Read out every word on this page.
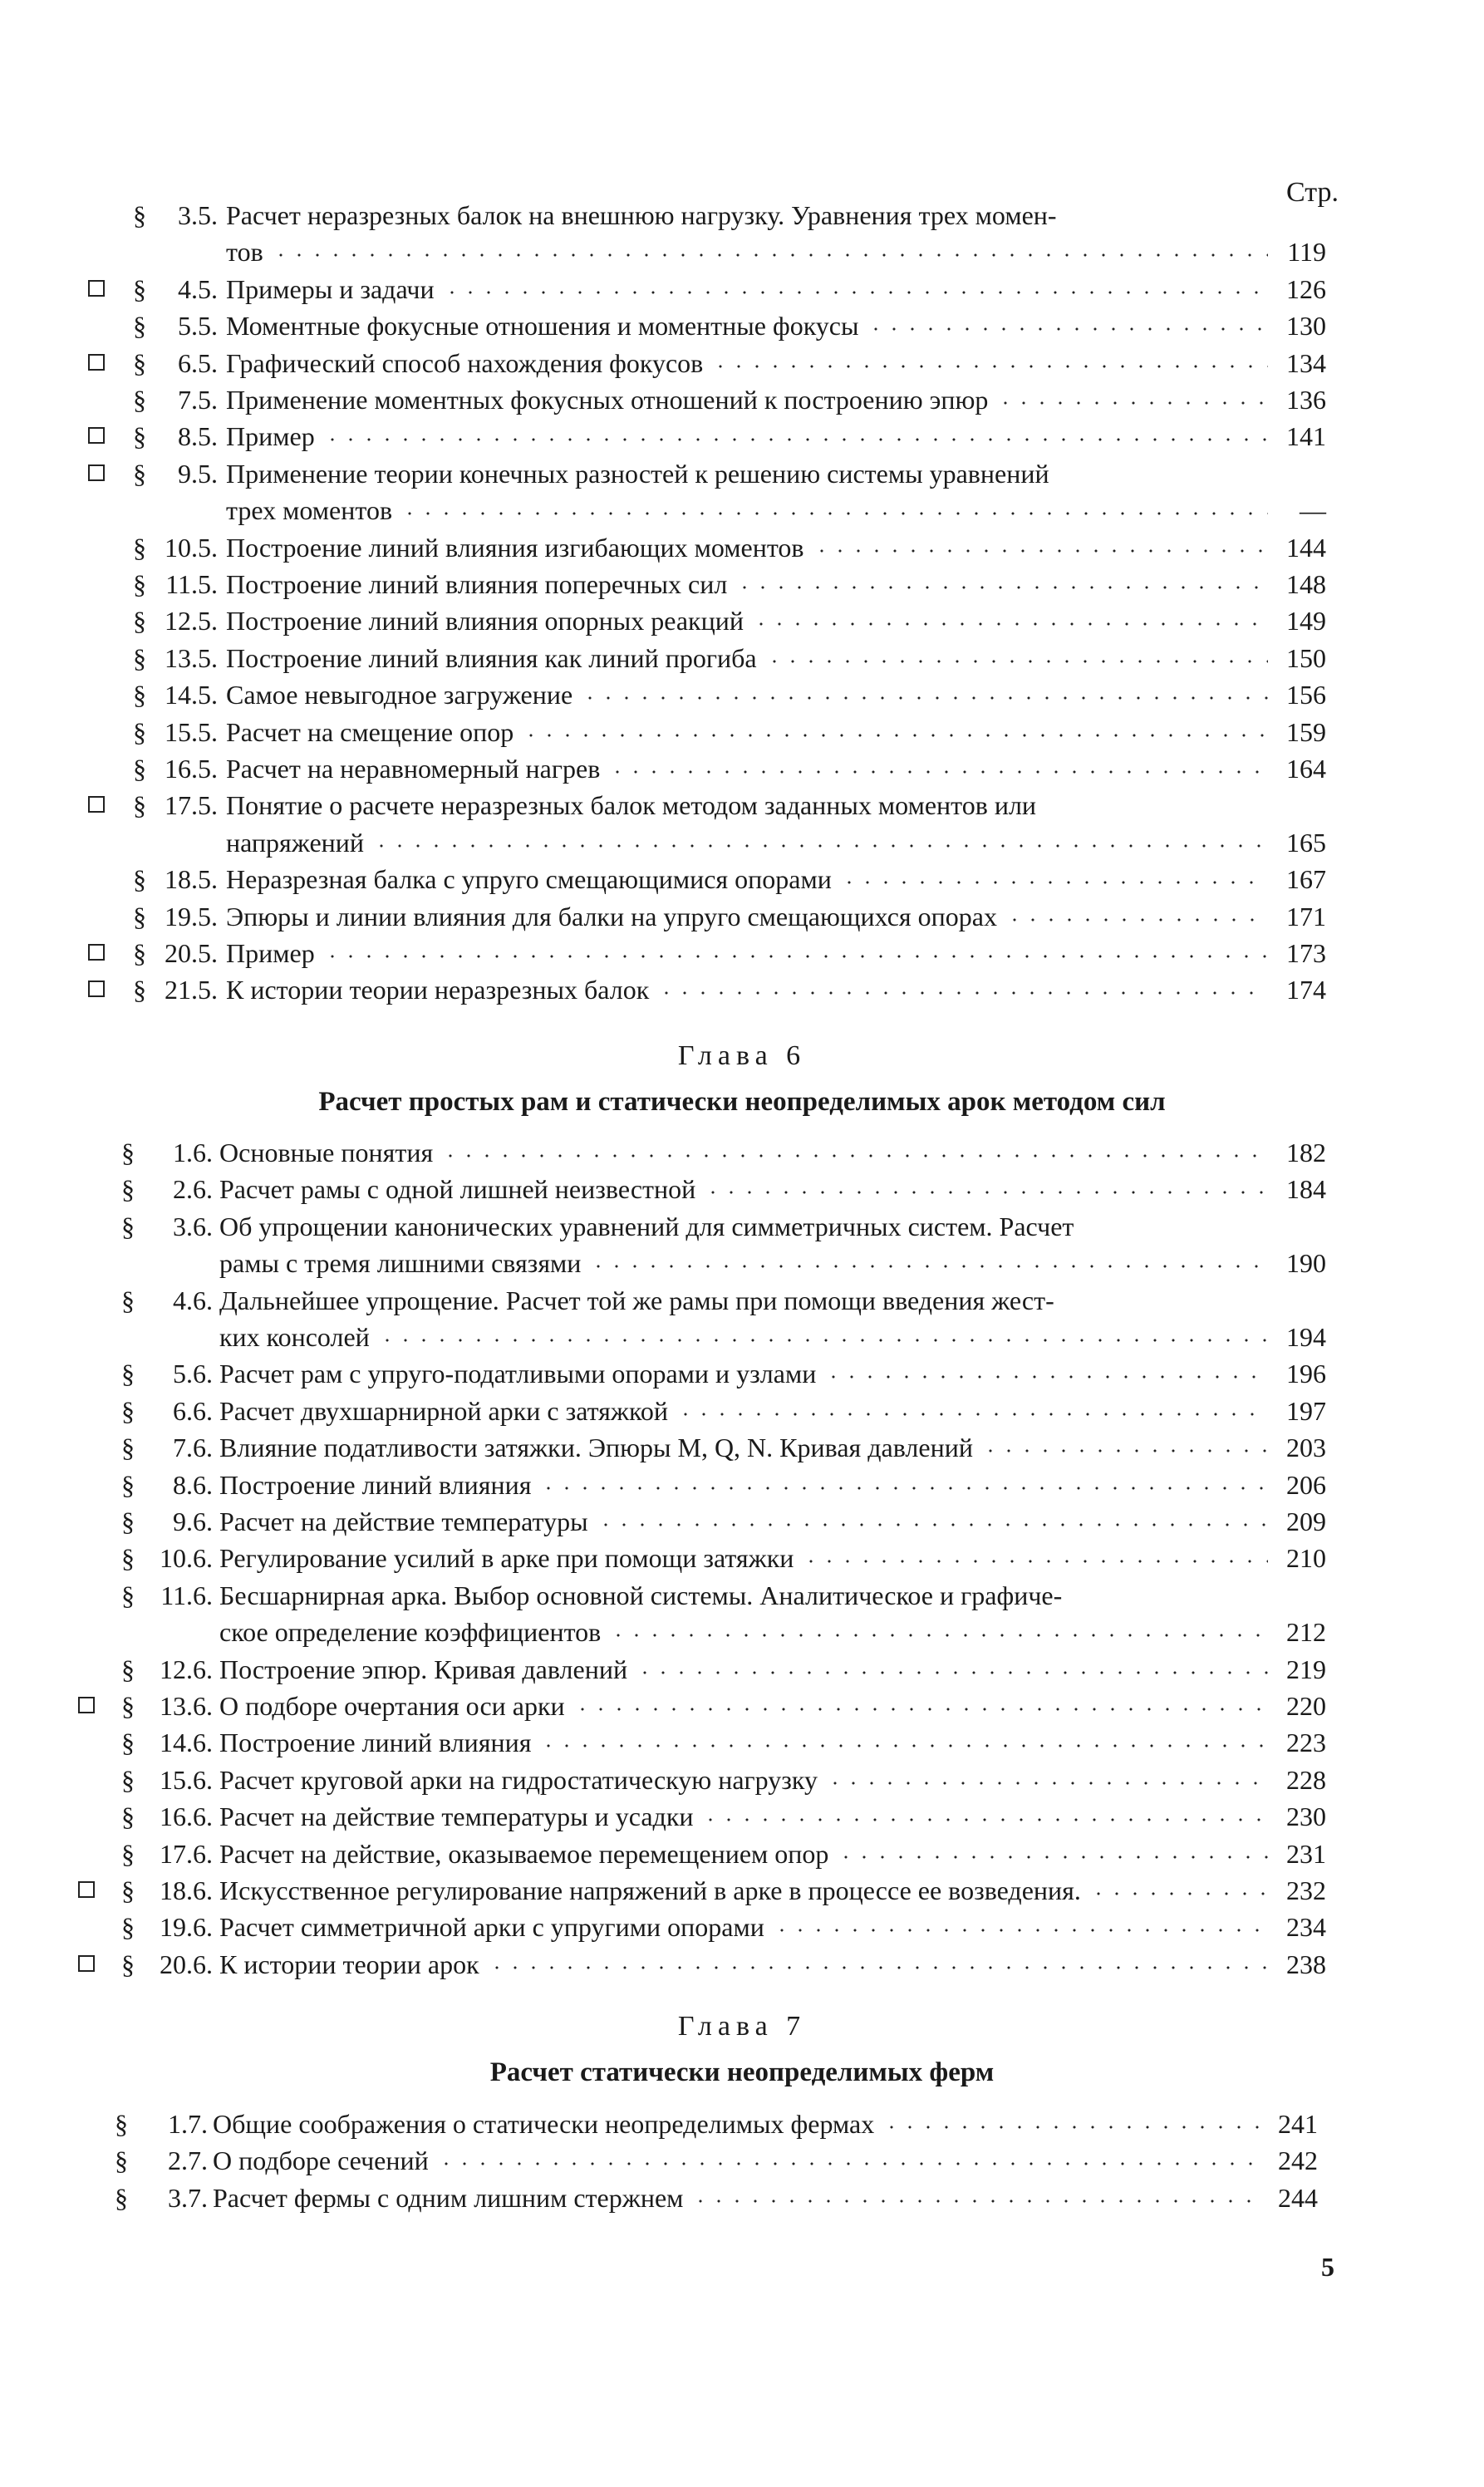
Стр.
§ 3.5. Расчет неразрезных балок на внешнюю нагрузку. Уравнения трех момен-
тов	119
§ 4.5. Примеры и задачи	126
§ 5.5. Моментные фокусные отношения и моментные фокусы	130
§ 6.5. Графический способ нахождения фокусов	134
§ 7.5. Применение моментных фокусных отношений к построению эпюр	136
§ 8.5. Пример	141
§ 9.5. Применение теории конечных разностей к решению системы уравнений
трех моментов	—
§ 10.5. Построение линий влияния изгибающих моментов	144
§ 11.5. Построение линий влияния поперечных сил	148
§ 12.5. Построение линий влияния опорных реакций	149
§ 13.5. Построение линий влияния как линий прогиба	150
§ 14.5. Самое невыгодное загружение	156
§ 15.5. Расчет на смещение опор	159
§ 16.5. Расчет на неравномерный нагрев	164
§ 17.5. Понятие о расчете неразрезных балок методом заданных моментов или
напряжений	165
§ 18.5. Неразрезная балка с упруго смещающимися опорами	167
§ 19.5. Эпюры и линии влияния для балки на упруго смещающихся опорах	171
§ 20.5. Пример	173
§ 21.5. К истории теории неразрезных балок	174
Глава 6
Расчет простых рам и статически неопределимых арок методом сил
§ 1.6. Основные понятия	182
§ 2.6. Расчет рамы с одной лишней неизвестной	184
§ 3.6. Об упрощении канонических уравнений для симметричных систем. Расчет
рамы с тремя лишними связями	190
§ 4.6. Дальнейшее упрощение. Расчет той же рамы при помощи введения жест-
ких консолей	194
§ 5.6. Расчет рам с упруго-податливыми опорами и узлами	196
§ 6.6. Расчет двухшарнирной арки с затяжкой	197
§ 7.6. Влияние податливости затяжки. Эпюры M, Q, N. Кривая давлений	203
§ 8.6. Построение линий влияния	206
§ 9.6. Расчет на действие температуры	209
§ 10.6. Регулирование усилий в арке при помощи затяжки	210
§ 11.6. Бесшарнирная арка. Выбор основной системы. Аналитическое и графиче-
ское определение коэффициентов	212
§ 12.6. Построение эпюр. Кривая давлений	219
§ 13.6. О подборе очертания оси арки	220
§ 14.6. Построение линий влияния	223
§ 15.6. Расчет круговой арки на гидростатическую нагрузку	228
§ 16.6. Расчет на действие температуры и усадки	230
§ 17.6. Расчет на действие, оказываемое перемещением опор	231
§ 18.6. Искусственное регулирование напряжений в арке в процессе ее возведения.	232
§ 19.6. Расчет симметричной арки с упругими опорами	234
§ 20.6. К истории теории арок	238
Глава 7
Расчет статически неопределимых ферм
§ 1.7. Общие соображения о статически неопределимых фермах	241
§ 2.7. О подборе сечений	242
§ 3.7. Расчет фермы с одним лишним стержнем	244
5
